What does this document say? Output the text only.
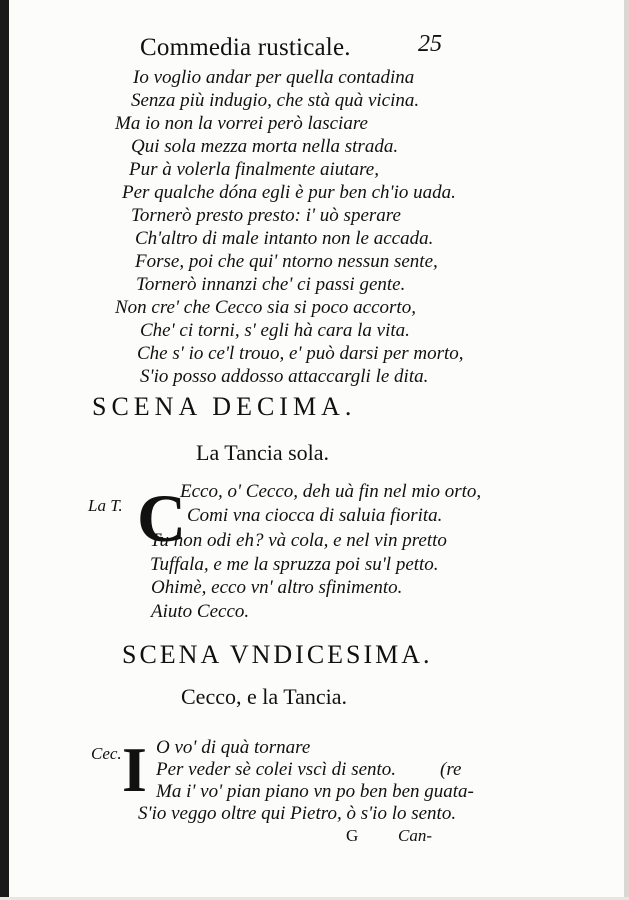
Commedia rusticale.	25
Io voglio andar per quella contadina
Senza più indugio, che stà quà vicina.
Ma io non la vorrei però lasciare
Qui sola mezza morta nella strada.
Pur à volerla finalmente aiutare,
Per qualche dóna egli è pur ben ch'io uada.
Tornerò presto presto: i' uò sperare
Ch'altro di male intanto non le accada.
Forse, poi che qui' ntorno nessun sente,
Tornerò innanzi che' ci passi gente.
Non cre' che Cecco sia si poco accorto,
Che' ci torni, s' egli hà cara la vita.
Che s' io ce'l trouo, e' può darsi per morto,
S'io posso addosso attaccargli le dita.
SCENA DECIMA.
La Tancia sola.
La T. C
Ecco, o' Cecco, deh uà fin nel mio orto,
Comi vna ciocca di saluia fiorita.
Tu non odi eh? và cola, e nel vin pretto
Tuffala, e me la spruzza poi su'l petto.
Ohimè, ecco vn' altro sfinimento.
Aiuto Cecco.
SCENA VNDICESIMA.
Cecco, e la Tancia.
Cec. I O vo' di quà tornare
Per veder sè colei vscì di sento.
Ma i' vo' pian piano vn po ben ben guata-
S'io veggo oltre qui Pietro, ò s'io lo sento.
(re
G Can-
